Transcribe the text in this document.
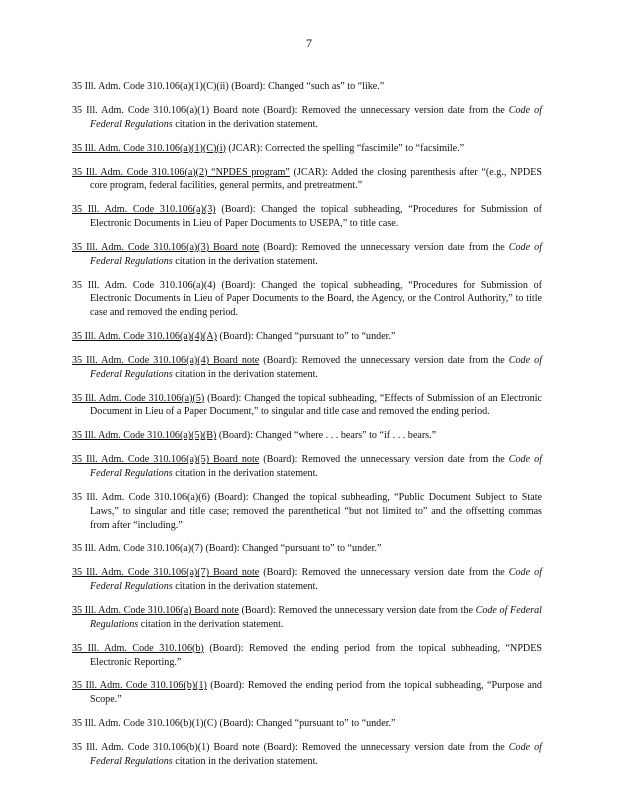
7

35 Ill. Adm. Code 310.106(a)(1)(C)(ii) (Board): Changed “such as” to “like.”

35 Ill. Adm. Code 310.106(a)(1) Board note (Board): Removed the unnecessary version date from the Code of Federal Regulations citation in the derivation statement.

35 Ill. Adm. Code 310.106(a)(1)(C)(i) (JCAR): Corrected the spelling “fascimile” to “facsimile.”

35 Ill. Adm. Code 310.106(a)(2) “NPDES program” (JCAR): Added the closing parenthesis after “(e.g., NPDES core program, federal facilities, general permits, and pretreatment.”

35 Ill. Adm. Code 310.106(a)(3) (Board): Changed the topical subheading, “Procedures for Submission of Electronic Documents in Lieu of Paper Documents to USEPA,” to title case.

35 Ill. Adm. Code 310.106(a)(3) Board note (Board): Removed the unnecessary version date from the Code of Federal Regulations citation in the derivation statement.

35 Ill. Adm. Code 310.106(a)(4) (Board): Changed the topical subheading, “Procedures for Submission of Electronic Documents in Lieu of Paper Documents to the Board, the Agency, or the Control Authority,” to title case and removed the ending period.

35 Ill. Adm. Code 310.106(a)(4)(A) (Board): Changed “pursuant to” to “under.”

35 Ill. Adm. Code 310.106(a)(4) Board note (Board): Removed the unnecessary version date from the Code of Federal Regulations citation in the derivation statement.

35 Ill. Adm. Code 310.106(a)(5) (Board): Changed the topical subheading, “Effects of Submission of an Electronic Document in Lieu of a Paper Document,” to singular and title case and removed the ending period.

35 Ill. Adm. Code 310.106(a)(5)(B) (Board): Changed “where . . . bears” to “if . . . bears.”

35 Ill. Adm. Code 310.106(a)(5) Board note (Board): Removed the unnecessary version date from the Code of Federal Regulations citation in the derivation statement.

35 Ill. Adm. Code 310.106(a)(6) (Board): Changed the topical subheading, “Public Document Subject to State Laws,” to singular and title case; removed the parenthetical “but not limited to” and the offsetting commas from after “including.”

35 Ill. Adm. Code 310.106(a)(7) (Board): Changed “pursuant to” to “under.”

35 Ill. Adm. Code 310.106(a)(7) Board note (Board): Removed the unnecessary version date from the Code of Federal Regulations citation in the derivation statement.

35 Ill. Adm. Code 310.106(a) Board note (Board): Removed the unnecessary version date from the Code of Federal Regulations citation in the derivation statement.

35 Ill. Adm. Code 310.106(b) (Board): Removed the ending period from the topical subheading, “NPDES Electronic Reporting.”

35 Ill. Adm. Code 310.106(b)(1) (Board): Removed the ending period from the topical subheading, “Purpose and Scope.”

35 Ill. Adm. Code 310.106(b)(1)(C) (Board): Changed “pursuant to” to “under.”

35 Ill. Adm. Code 310.106(b)(1) Board note (Board): Removed the unnecessary version date from the Code of Federal Regulations citation in the derivation statement.
